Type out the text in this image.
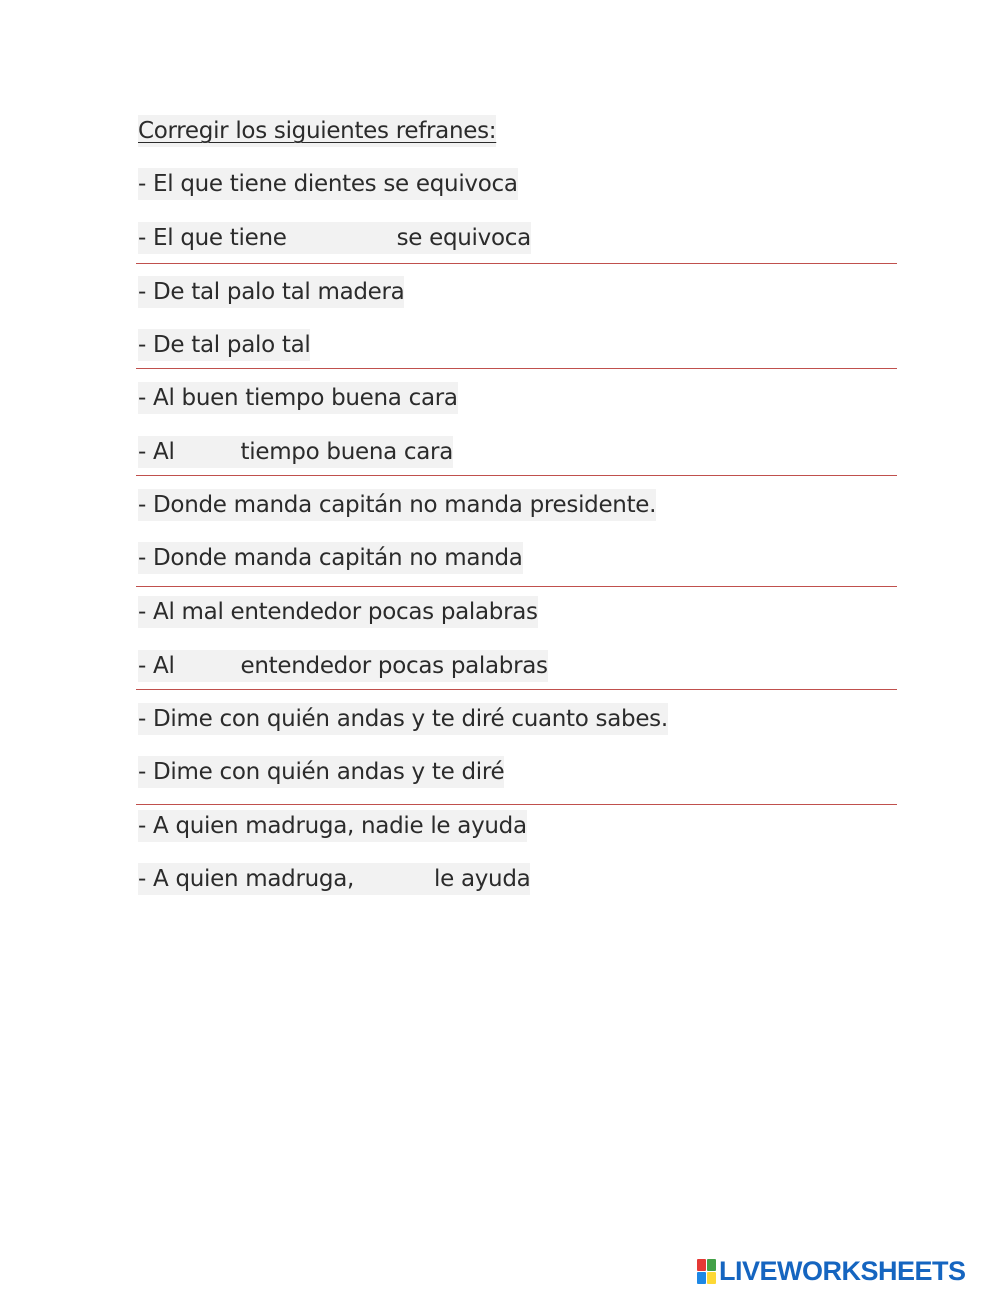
Corregir los siguientes refranes:
- El que tiene dientes se equivoca
- El que tiene	se equivoca
- De tal palo tal madera
- De tal palo tal
- Al buen tiempo buena cara
- Al	tiempo buena cara
- Donde manda capitán no manda presidente.
- Donde manda capitán no manda
- Al mal entendedor pocas palabras
- Al	entendedor pocas palabras
- Dime con quién andas y te diré cuanto sabes.
- Dime con quién andas y te diré
- A quien madruga, nadie le ayuda
- A quien madruga,	le ayuda
LIVEWORKSHEETS
